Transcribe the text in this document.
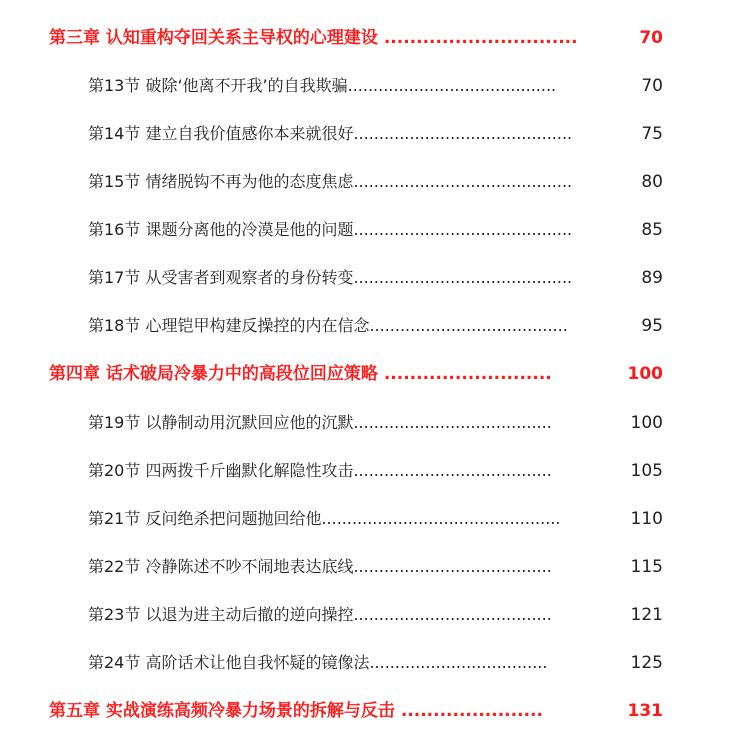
第三章 认知重构夺回关系主导权的心理建设 ..............................	70
第13节 破除‘他离不开我’的自我欺骗.........................................	70
第14节 建立自我价值感你本来就很好...........................................	75
第15节 情绪脱钩不再为他的态度焦虑...........................................	80
第16节 课题分离他的冷漠是他的问题...........................................	85
第17节 从受害者到观察者的身份转变...........................................	89
第18节 心理铠甲构建反操控的内在信念.......................................	95
第四章 话术破局冷暴力中的高段位回应策略 ..........................	100
第19节 以静制动用沉默回应他的沉默.......................................	100
第20节 四两拨千斤幽默化解隐性攻击.......................................	105
第21节 反问绝杀把问题抛回给他...............................................	110
第22节 冷静陈述不吵不闹地表达底线.......................................	115
第23节 以退为进主动后撤的逆向操控.......................................	121
第24节 高阶话术让他自我怀疑的镜像法...................................	125
第五章 实战演练高频冷暴力场景的拆解与反击 ......................	131
